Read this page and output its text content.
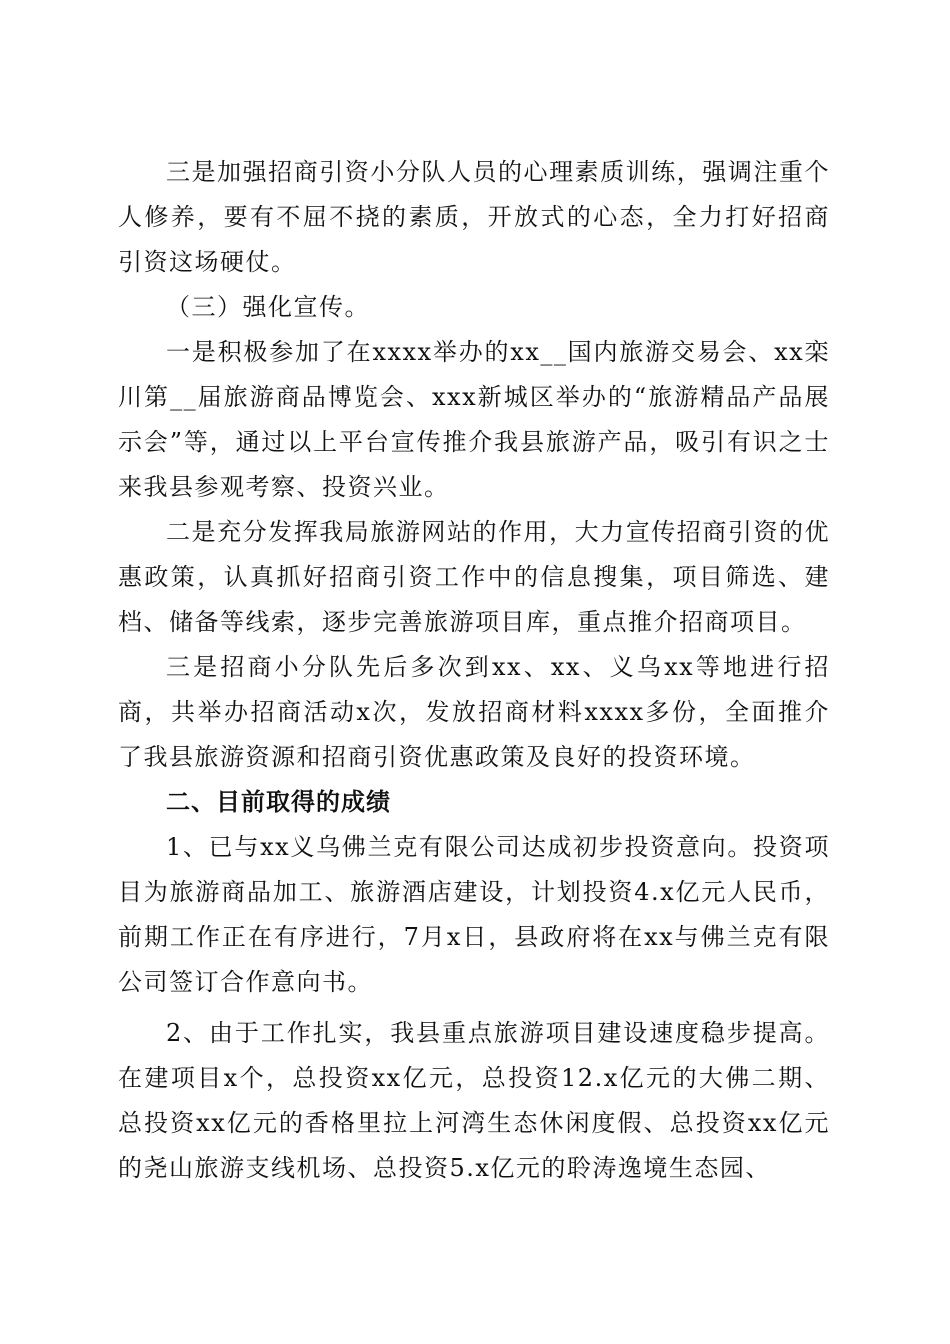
三是加强招商引资小分队人员的心理素质训练，强调注重个人修养，要有不屈不挠的素质，开放式的心态，全力打好招商引资这场硬仗。

（三）强化宣传。

一是积极参加了在xxxx举办的xx__国内旅游交易会、xx栾川第__届旅游商品博览会、xxx新城区举办的“旅游精品产品展示会”等，通过以上平台宣传推介我县旅游产品，吸引有识之士来我县参观考察、投资兴业。

二是充分发挥我局旅游网站的作用，大力宣传招商引资的优惠政策，认真抓好招商引资工作中的信息搜集，项目筛选、建档、储备等线索，逐步完善旅游项目库，重点推介招商项目。

三是招商小分队先后多次到xx、xx、义乌xx等地进行招商，共举办招商活动x次，发放招商材料xxxx多份，全面推介了我县旅游资源和招商引资优惠政策及良好的投资环境。

二、目前取得的成绩

1、已与xx义乌佛兰克有限公司达成初步投资意向。投资项目为旅游商品加工、旅游酒店建设，计划投资4.x亿元人民币，前期工作正在有序进行，7月x日，县政府将在xx与佛兰克有限公司签订合作意向书。

2、由于工作扎实，我县重点旅游项目建设速度稳步提高。在建项目x个，总投资xx亿元，总投资12.x亿元的大佛二期、总投资xx亿元的香格里拉上河湾生态休闲度假、总投资xx亿元的尧山旅游支线机场、总投资5.x亿元的聆涛逸境生态园、
